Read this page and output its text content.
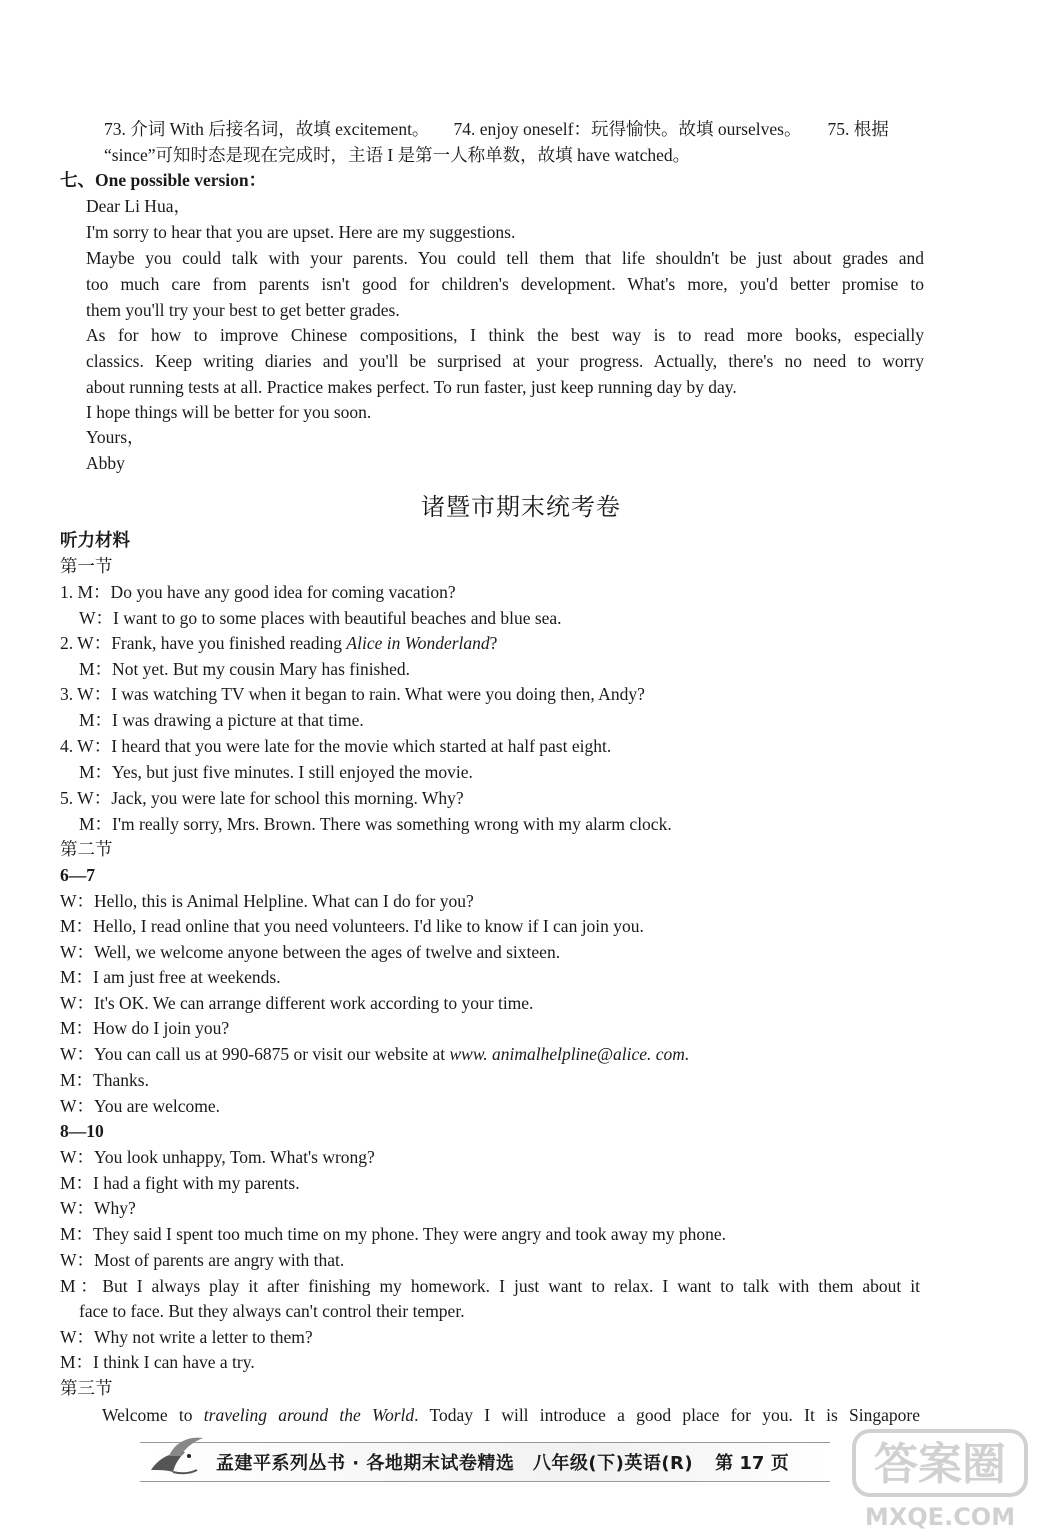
73. 介词 With 后接名词，故填 excitement。 74. enjoy oneself：玩得愉快。故填 ourselves。 75. 根据
“since”可知时态是现在完成时，主语 I 是第一人称单数，故填 have watched。
七、One possible version：
Dear Li Hua，
I'm sorry to hear that you are upset. Here are my suggestions.
Maybe you could talk with your parents. You could tell them that life shouldn't be just about grades and
too much care from parents isn't good for children's development. What's more, you'd better promise to
them you'll try your best to get better grades.
As for how to improve Chinese compositions, I think the best way is to read more books, especially
classics. Keep writing diaries and you'll be surprised at your progress. Actually, there's no need to worry
about running tests at all. Practice makes perfect. To run faster, just keep running day by day.
I hope things will be better for you soon.
Yours，
Abby
诸暨市期末统考卷
听力材料
第一节
1. M：Do you have any good idea for coming vacation?
W：I want to go to some places with beautiful beaches and blue sea.
2. W：Frank, have you finished reading Alice in Wonderland?
M：Not yet. But my cousin Mary has finished.
3. W：I was watching TV when it began to rain. What were you doing then, Andy?
M：I was drawing a picture at that time.
4. W：I heard that you were late for the movie which started at half past eight.
M：Yes, but just five minutes. I still enjoyed the movie.
5. W：Jack, you were late for school this morning. Why?
M：I'm really sorry, Mrs. Brown. There was something wrong with my alarm clock.
第二节
6—7
W：Hello, this is Animal Helpline. What can I do for you?
M：Hello, I read online that you need volunteers. I'd like to know if I can join you.
W：Well, we welcome anyone between the ages of twelve and sixteen.
M：I am just free at weekends.
W：It's OK. We can arrange different work according to your time.
M：How do I join you?
W：You can call us at 990-6875 or visit our website at www. animalhelpline@alice. com.
M：Thanks.
W：You are welcome.
8—10
W：You look unhappy, Tom. What's wrong?
M：I had a fight with my parents.
W：Why?
M：They said I spent too much time on my phone. They were angry and took away my phone.
W：Most of parents are angry with that.
M：But I always play it after finishing my homework. I just want to relax. I want to talk with them about it
face to face. But they always can't control their temper.
W：Why not write a letter to them?
M：I think I can have a try.
第三节
Welcome to traveling around the World. Today I will introduce a good place for you. It is Singapore
孟建平系列丛书 · 各地期末试卷精选　八年级(下)英语(R) 第 17 页 答案圈
MXQE.COM
